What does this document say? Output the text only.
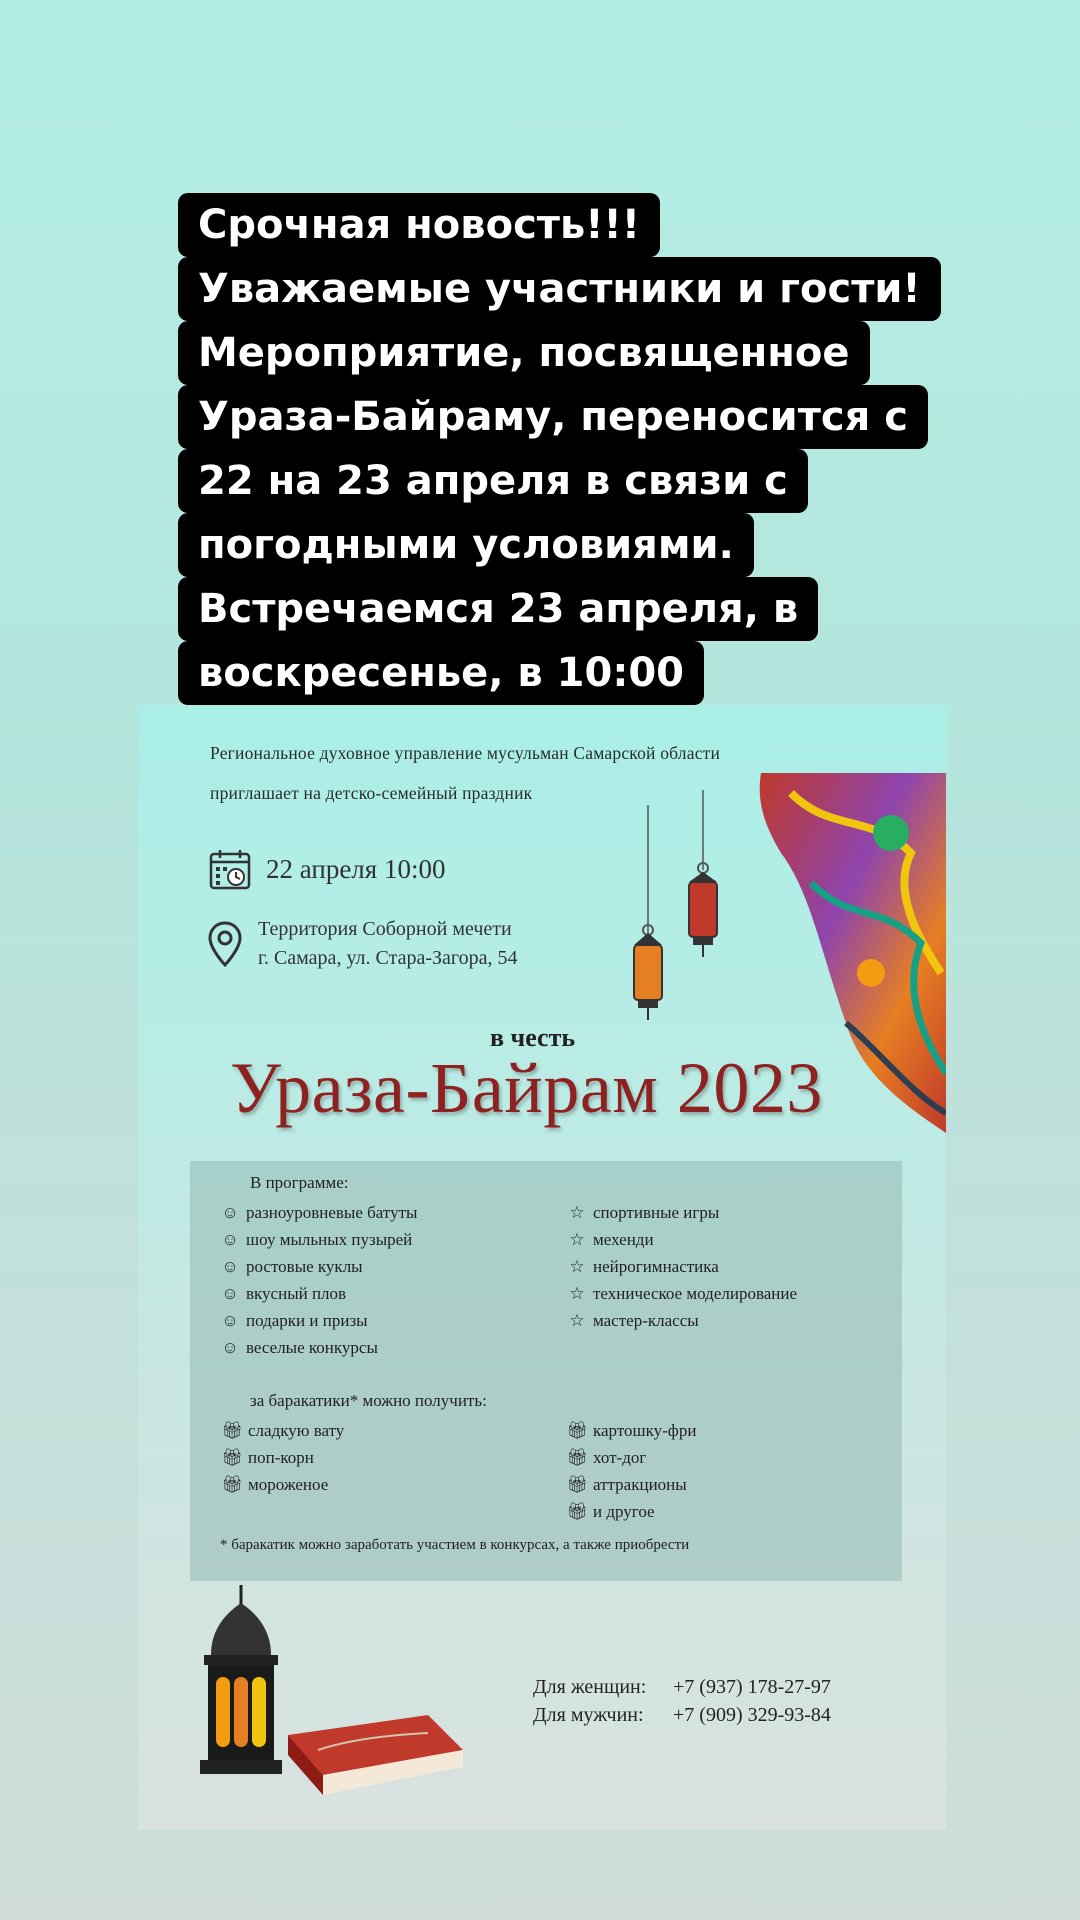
Срочная новость!!!
Уважаемые участники и гости!
Мероприятие, посвященное
Ураза-Байраму, переносится с
22 на 23 апреля в связи с
погодными условиями.
Встречаемся 23 апреля, в
воскресенье, в 10:00
Региональное духовное управление мусульман Самарской области
приглашает на детско-семейный праздник
22 апреля 10:00
Территория Соборной мечети
г. Самара, ул. Стара-Загора, 54
в честь
Ураза-Байрам 2023
В программе:
☺ разноуровневые батуты
☺ шоу мыльных пузырей
☺ ростовые куклы
☺ вкусный плов
☺ подарки и призы
☺ веселые конкурсы
☆ спортивные игры
☆ мехенди
☆ нейрогимнастика
☆ техническое моделирование
☆ мастер-классы
за баракатики* можно получить:
🎁︎ сладкую вату
🎁︎ поп-корн
🎁︎ мороженое
🎁︎ картошку-фри
🎁︎ хот-дог
🎁︎ аттракционы
🎁︎ и другое
* баракатик можно заработать участием в конкурсах, а также приобрести
Для женщин: +7 (937) 178-27-97
Для мужчин: +7 (909) 329-93-84
